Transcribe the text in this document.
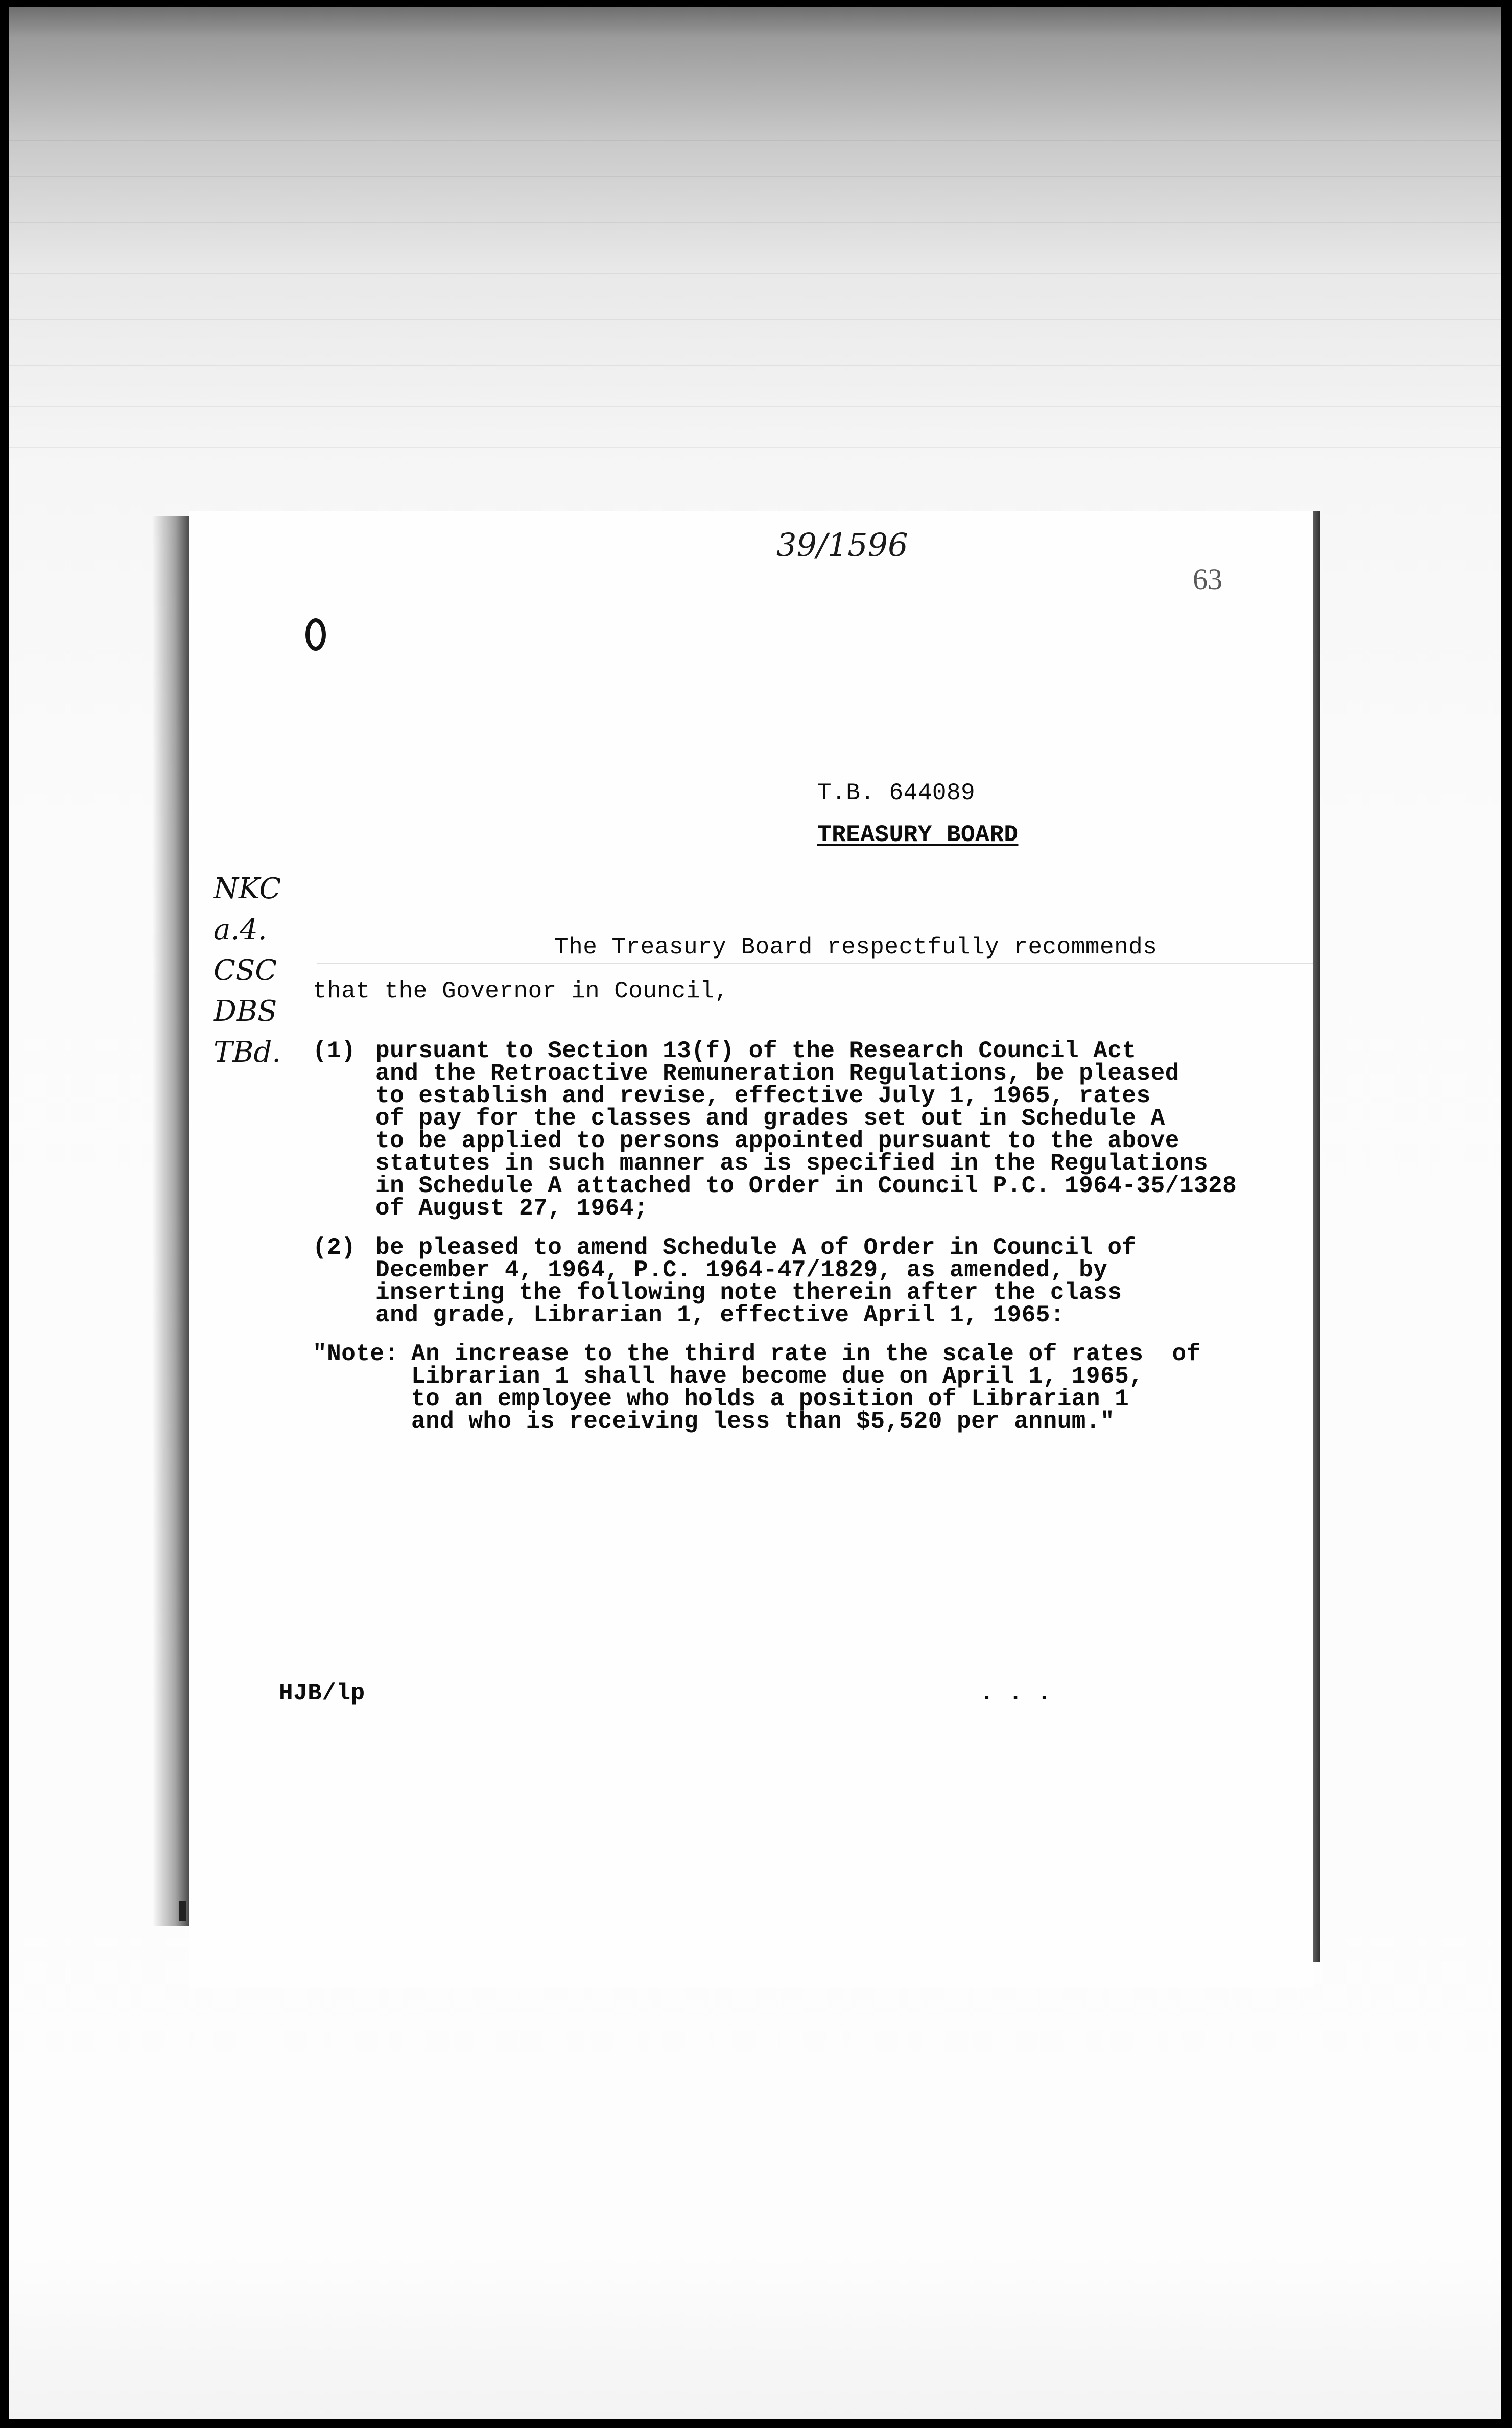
39/1596
63
NKC
a.4.
CSC
DBS
TBd.
T.B. 644089
TREASURY BOARD
The Treasury Board respectfully recommends
that the Governor in Council,
(1) pursuant to Section 13(f) of the Research Council Act
and the Retroactive Remuneration Regulations, be pleased
to establish and revise, effective July 1, 1965, rates
of pay for the classes and grades set out in Schedule A
to be applied to persons appointed pursuant to the above
statutes in such manner as is specified in the Regulations
in Schedule A attached to Order in Council P.C. 1964-35/1328
of August 27, 1964;
(2) be pleased to amend Schedule A of Order in Council of
December 4, 1964, P.C. 1964-47/1829, as amended, by
inserting the following note therein after the class
and grade, Librarian 1, effective April 1, 1965:
"Note: An increase to the third rate in the scale of rates  of
Librarian 1 shall have become due on April 1, 1965,
to an employee who holds a position of Librarian 1
and who is receiving less than $5,520 per annum."
HJB/lp	. . .
